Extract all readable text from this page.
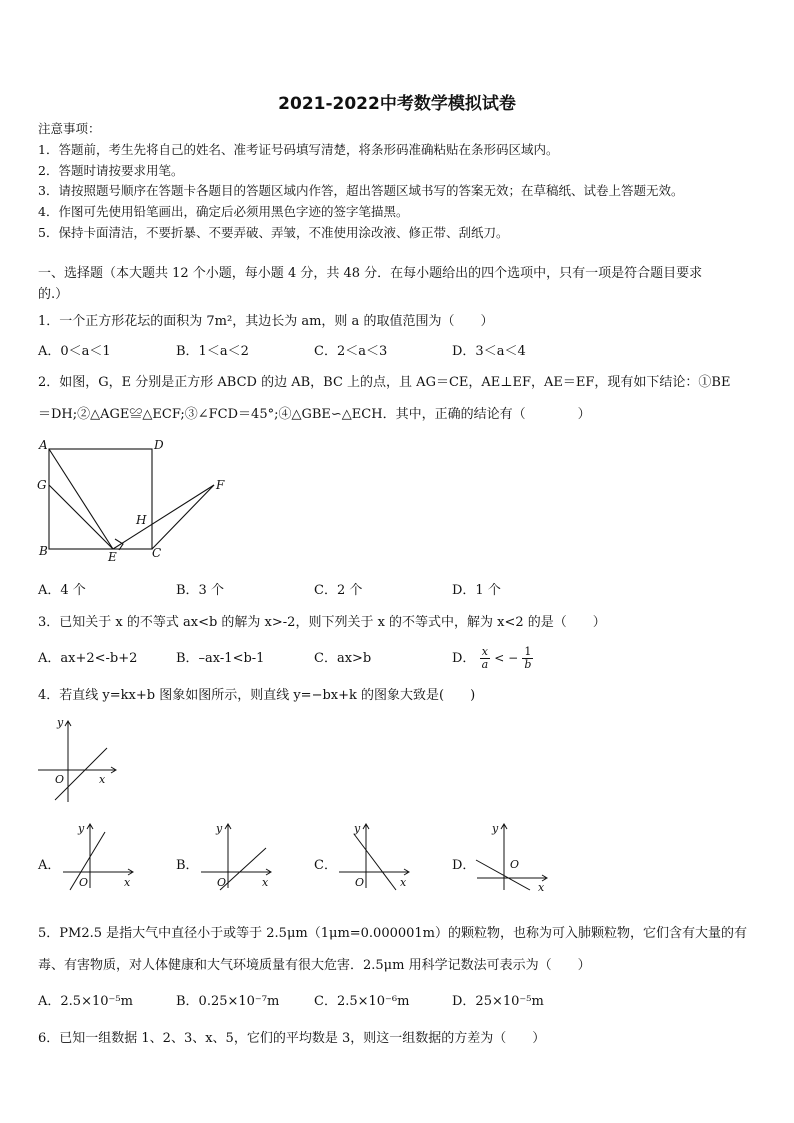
2021-2022中考数学模拟试卷
注意事项：
1．答题前，考生先将自己的姓名、准考证号码填写清楚，将条形码准确粘贴在条形码区域内。
2．答题时请按要求用笔。
3．请按照题号顺序在答题卡各题目的答题区域内作答，超出答题区域书写的答案无效；在草稿纸、试卷上答题无效。
4．作图可先使用铅笔画出，确定后必须用黑色字迹的签字笔描黑。
5．保持卡面清洁，不要折暴、不要弄破、弄皱，不准使用涂改液、修正带、刮纸刀。
一、选择题（本大题共 12 个小题，每小题 4 分，共 48 分．在每小题给出的四个选项中，只有一项是符合题目要求
的.）
1．一个正方形花坛的面积为 7m²，其边长为 am，则 a 的取值范围为（　　）
A．0＜a＜1	B．1＜a＜2	C．2＜a＜3	D．3＜a＜4
2．如图，G，E 分别是正方形 ABCD 的边 AB，BC 上的点，且 AG＝CE，AE⊥EF，AE＝EF，现有如下结论：①BE
＝DH;②△AGE≌△ECF;③∠FCD＝45°;④△GBE∽△ECH．其中，正确的结论有（　　　　）
A	D
G	F
H
B	E	C
A．4 个	B．3 个	C．2 个	D．1 个
3．已知关于 x 的不等式 ax<b 的解为 x>-2，则下列关于 x 的不等式中，解为 x<2 的是（　　）
A．ax+2<-b+2	B．–ax-1<b-1	C．ax>b	D． $\frac{x}{a}$ < − $\frac{1}{b}$
4．若直线 y=kx+b 图象如图所示，则直线 y=−bx+k 的图象大致是(　　)
y
x
O
A．
y
x
O
B．
y
x
O
C．
y
x
O
D．
y
x
O
5．PM2.5 是指大气中直径小于或等于 2.5μm（1μm=0.000001m）的颗粒物，也称为可入肺颗粒物，它们含有大量的有
毒、有害物质，对人体健康和大气环境质量有很大危害．2.5μm 用科学记数法可表示为（　　）
A．2.5×10⁻⁵m	B．0.25×10⁻⁷m	C．2.5×10⁻⁶m	D．25×10⁻⁵m
6．已知一组数据 1、2、3、x、5，它们的平均数是 3，则这一组数据的方差为（　　）
